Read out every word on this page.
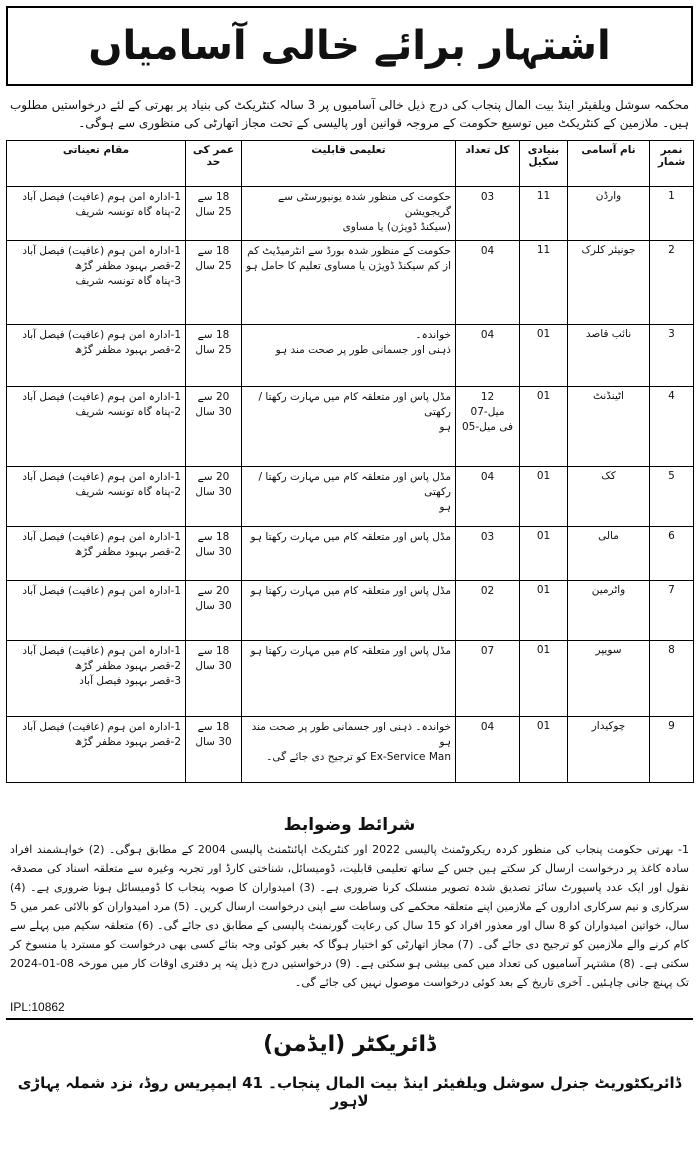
اشتہار برائے خالی آسامیاں

محکمہ سوشل ویلفیئر اینڈ بیت المال پنجاب کی درج ذیل خالی آسامیوں پر 3 سالہ کنٹریکٹ کی بنیاد پر بھرتی کے لئے درخواستیں مطلوب ہیں۔ ملازمین کے کنٹریکٹ میں توسیع حکومت کے مروجہ قوانین اور پالیسی کے تحت مجاز اتھارٹی کی منظوری سے ہوگی۔

نمبر شمار	نام آسامی	بنیادی سکیل	کل تعداد	تعلیمی قابلیت	عمر کی حد	مقام تعیناتی
1	وارڈن	11	03	حکومت کی منظور شدہ یونیورسٹی سے گریجویشن
(سیکنڈ ڈویژن) یا مساوی	18 سے
25 سال	1-ادارہ امن ہوم (عافیت) فیصل آباد
2-پناہ گاہ تونسہ شریف

2	جونیئر کلرک	11	04	حکومت کے منظور شدہ بورڈ سے انٹرمیڈیٹ کم
از کم سیکنڈ ڈویژن یا مساوی تعلیم کا حامل ہو	18 سے
25 سال	1-ادارہ امن ہوم (عافیت) فیصل آباد
2-قصر بہبود مظفر گڑھ
3-پناہ گاہ تونسہ شریف

3	نائب قاصد	01	04	خواندہ۔
ذہنی اور جسمانی طور پر صحت مند ہو	18 سے
25 سال	1-ادارہ امن ہوم (عافیت) فیصل آباد
2-قصر بہبود مظفر گڑھ

4	اٹینڈنٹ	01	12
میل-07
فی میل-05	مڈل پاس اور متعلقہ کام میں مہارت رکھتا / رکھتی
ہو	20 سے
30 سال	1-ادارہ امن ہوم (عافیت) فیصل آباد
2-پناہ گاہ تونسہ شریف

5	کک	01	04	مڈل پاس اور متعلقہ کام میں مہارت رکھتا / رکھتی
ہو	20 سے
30 سال	1-ادارہ امن ہوم (عافیت) فیصل آباد
2-پناہ گاہ تونسہ شریف

6	مالی	01	03	مڈل پاس اور متعلقہ کام میں مہارت رکھتا ہو	18 سے
30 سال	1-ادارہ امن ہوم (عافیت) فیصل آباد
2-قصر بہبود مظفر گڑھ

7	واٹرمین	01	02	مڈل پاس اور متعلقہ کام میں مہارت رکھتا ہو	20 سے
30 سال	1-ادارہ امن ہوم (عافیت) فیصل آباد

8	سویپر	01	07	مڈل پاس اور متعلقہ کام میں مہارت رکھتا ہو	18 سے
30 سال	1-ادارہ امن ہوم (عافیت) فیصل آباد
2-قصر بہبود مظفر گڑھ
3-قصر بہبود فیصل آباد

9	چوکیدار	01	04	خواندہ۔ ذہنی اور جسمانی طور پر صحت مند ہو
Ex-Service Man کو ترجیح دی جائے گی۔	18 سے
30 سال	1-ادارہ امن ہوم (عافیت) فیصل آباد
2-قصر بہبود مظفر گڑھ
شرائط وضوابط

1- بھرتی حکومت پنجاب کی منظور کردہ ریکروٹمنٹ پالیسی 2022 اور کنٹریکٹ اپائنٹمنٹ پالیسی 2004 کے مطابق ہوگی۔ (2) خواہشمند افراد سادہ کاغذ پر درخواست ارسال کر سکتے ہیں جس کے ساتھ تعلیمی قابلیت، ڈومیسائل، شناختی کارڈ اور تجربہ وغیرہ سے متعلقہ اسناد کی مصدقہ نقول اور ایک عدد پاسپورٹ سائز تصدیق شدہ تصویر منسلک کرنا ضروری ہے۔ (3) امیدواران کا صوبہ پنجاب کا ڈومیسائل ہونا ضروری ہے۔ (4) سرکاری و نیم سرکاری اداروں کے ملازمین اپنے متعلقہ محکمے کی وساطت سے اپنی درخواست ارسال کریں۔ (5) مرد امیدواران کو بالائی عمر میں 5 سال، خواتین امیدواران کو 8 سال اور معذور افراد کو 15 سال کی رعایت گورنمنٹ پالیسی کے مطابق دی جائے گی۔ (6) متعلقہ سکیم میں پہلے سے کام کرنے والے ملازمین کو ترجیح دی جائے گی۔ (7) مجاز اتھارٹی کو اختیار ہوگا کہ بغیر کوئی وجہ بتائے کسی بھی درخواست کو مسترد یا منسوخ کر سکتی ہے۔ (8) مشتہر آسامیوں کی تعداد میں کمی بیشی ہو سکتی ہے۔ (9) درخواستیں درج ذیل پتہ پر دفتری اوقات کار میں مورخہ 08-01-2024 تک پہنچ جانی چاہئیں۔ آخری تاریخ کے بعد کوئی درخواست موصول نہیں کی جائے گی۔

IPL:10862
ڈائریکٹر (ایڈمن)
ڈائریکٹوریٹ جنرل سوشل ویلفیئر اینڈ بیت المال پنجاب۔ 41 ایمپریس روڈ، نزد شملہ پہاڑی لاہور
